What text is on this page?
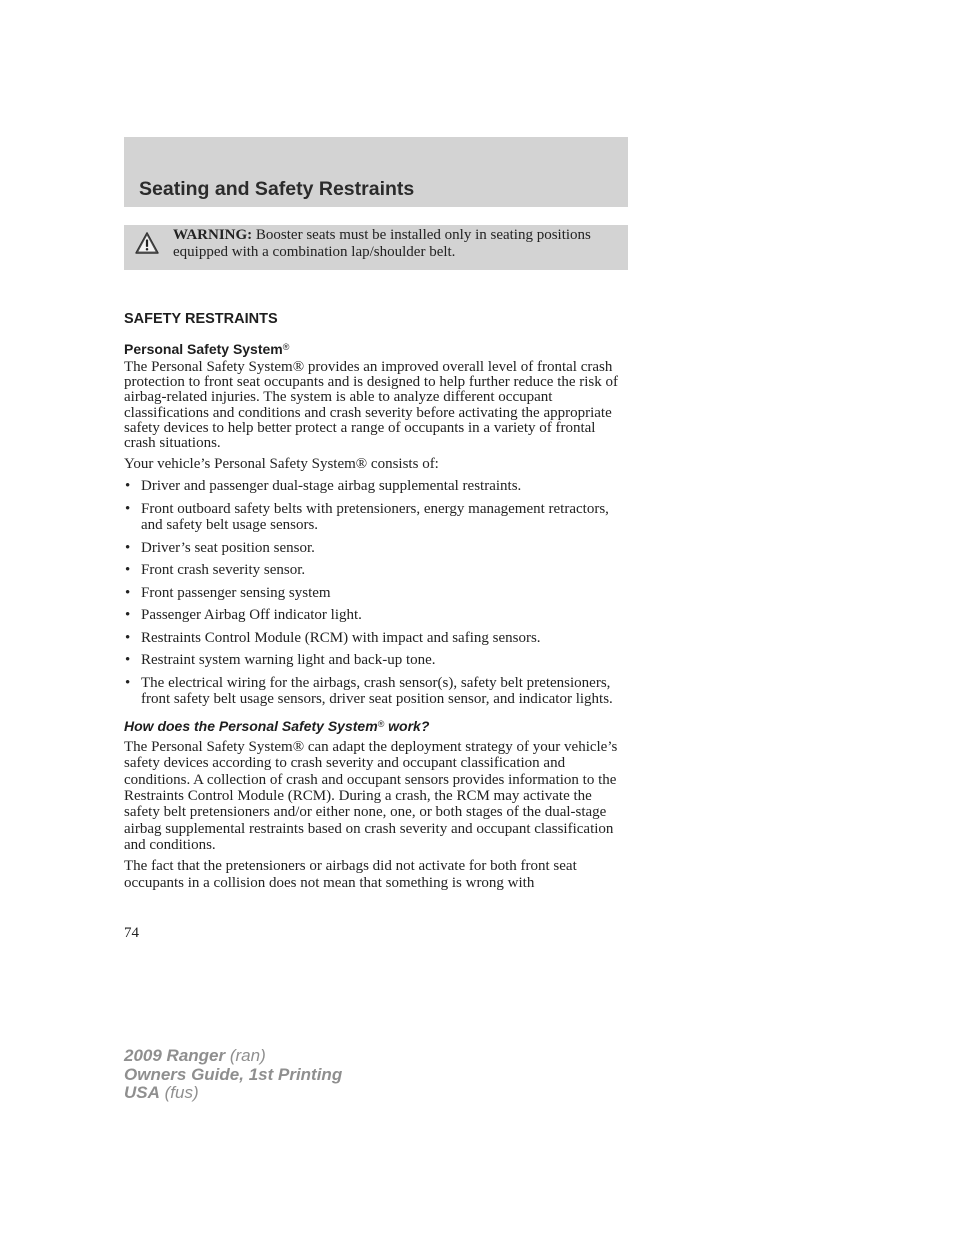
Seating and Safety Restraints
WARNING: Booster seats must be installed only in seating positions equipped with a combination lap/shoulder belt.
SAFETY RESTRAINTS
Personal Safety System®

The Personal Safety System® provides an improved overall level of frontal crash protection to front seat occupants and is designed to help further reduce the risk of airbag-related injuries. The system is able to analyze different occupant classifications and conditions and crash severity before activating the appropriate safety devices to help better protect a range of occupants in a variety of frontal crash situations.

Your vehicle’s Personal Safety System® consists of:

• Driver and passenger dual-stage airbag supplemental restraints.
• Front outboard safety belts with pretensioners, energy management retractors, and safety belt usage sensors.
• Driver’s seat position sensor.
• Front crash severity sensor.
• Front passenger sensing system
• Passenger Airbag Off indicator light.
• Restraints Control Module (RCM) with impact and safing sensors.
• Restraint system warning light and back-up tone.
• The electrical wiring for the airbags, crash sensor(s), safety belt pretensioners, front safety belt usage sensors, driver seat position sensor, and indicator lights.
How does the Personal Safety System® work?

The Personal Safety System® can adapt the deployment strategy of your vehicle’s safety devices according to crash severity and occupant classification and conditions. A collection of crash and occupant sensors provides information to the Restraints Control Module (RCM). During a crash, the RCM may activate the safety belt pretensioners and/or either none, one, or both stages of the dual-stage airbag supplemental restraints based on crash severity and occupant classification and conditions.

The fact that the pretensioners or airbags did not activate for both front seat occupants in a collision does not mean that something is wrong with

74
2009 Ranger (ran)
Owners Guide, 1st Printing
USA (fus)
